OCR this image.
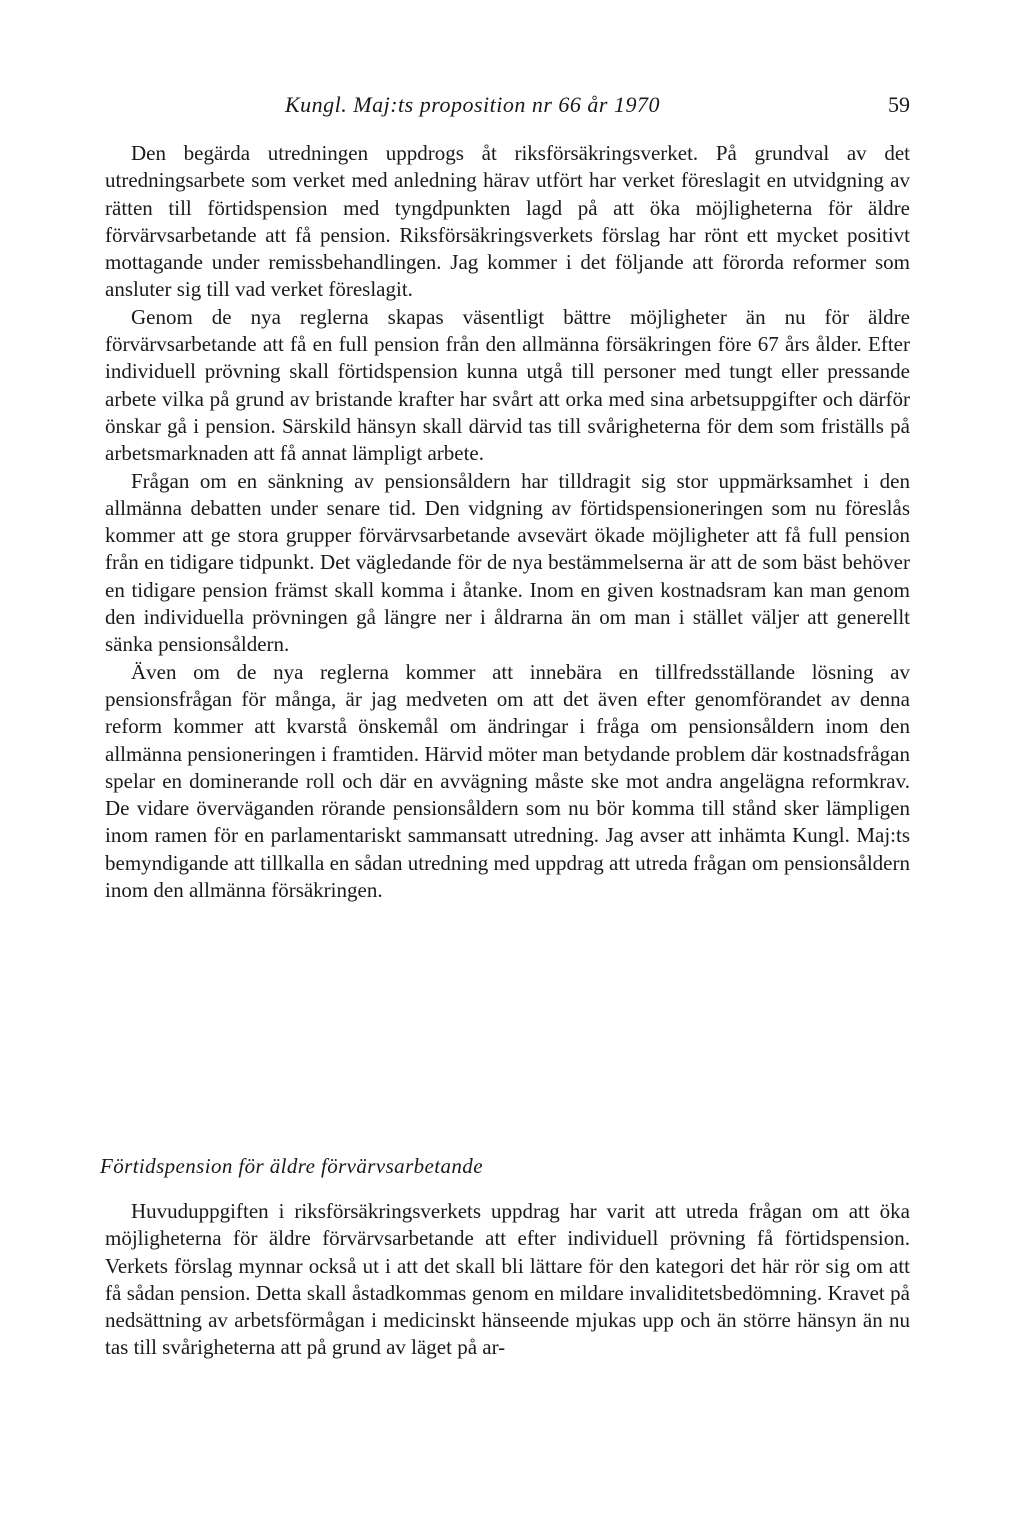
Kungl. Maj:ts proposition nr 66 år 1970	59

Den begärda utredningen uppdrogs åt riksförsäkringsverket. På grundval av det utredningsarbete som verket med anledning härav utfört har verket föreslagit en utvidgning av rätten till förtidspension med tyngdpunkten lagd på att öka möjligheterna för äldre förvärvsarbetande att få pension. Riksförsäkringsverkets förslag har rönt ett mycket positivt mottagande under remissbehandlingen. Jag kommer i det följande att förorda reformer som ansluter sig till vad verket föreslagit.

Genom de nya reglerna skapas väsentligt bättre möjligheter än nu för äldre förvärvsarbetande att få en full pension från den allmänna försäkringen före 67 års ålder. Efter individuell prövning skall förtidspension kunna utgå till personer med tungt eller pressande arbete vilka på grund av bristande krafter har svårt att orka med sina arbetsuppgifter och därför önskar gå i pension. Särskild hänsyn skall därvid tas till svårigheterna för dem som friställs på arbetsmarknaden att få annat lämpligt arbete.

Frågan om en sänkning av pensionsåldern har tilldragit sig stor uppmärksamhet i den allmänna debatten under senare tid. Den vidgning av förtidspensioneringen som nu föreslås kommer att ge stora grupper förvärvsarbetande avsevärt ökade möjligheter att få full pension från en tidigare tidpunkt. Det vägledande för de nya bestämmelserna är att de som bäst behöver en tidigare pension främst skall komma i åtanke. Inom en given kostnadsram kan man genom den individuella prövningen gå längre ner i åldrarna än om man i stället väljer att generellt sänka pensionsåldern.

Även om de nya reglerna kommer att innebära en tillfredsställande lösning av pensionsfrågan för många, är jag medveten om att det även efter genomförandet av denna reform kommer att kvarstå önskemål om ändringar i fråga om pensionsåldern inom den allmänna pensioneringen i framtiden. Härvid möter man betydande problem där kostnadsfrågan spelar en dominerande roll och där en avvägning måste ske mot andra angelägna reformkrav. De vidare överväganden rörande pensionsåldern som nu bör komma till stånd sker lämpligen inom ramen för en parlamentariskt sammansatt utredning. Jag avser att inhämta Kungl. Maj:ts bemyndigande att tillkalla en sådan utredning med uppdrag att utreda frågan om pensionsåldern inom den allmänna försäkringen.

Förtidspension för äldre förvärvsarbetande

Huvuduppgiften i riksförsäkringsverkets uppdrag har varit att utreda frågan om att öka möjligheterna för äldre förvärvsarbetande att efter individuell prövning få förtidspension. Verkets förslag mynnar också ut i att det skall bli lättare för den kategori det här rör sig om att få sådan pension. Detta skall åstadkommas genom en mildare invaliditetsbedömning. Kravet på nedsättning av arbetsförmågan i medicinskt hänseende mjukas upp och än större hänsyn än nu tas till svårigheterna att på grund av läget på ar-
